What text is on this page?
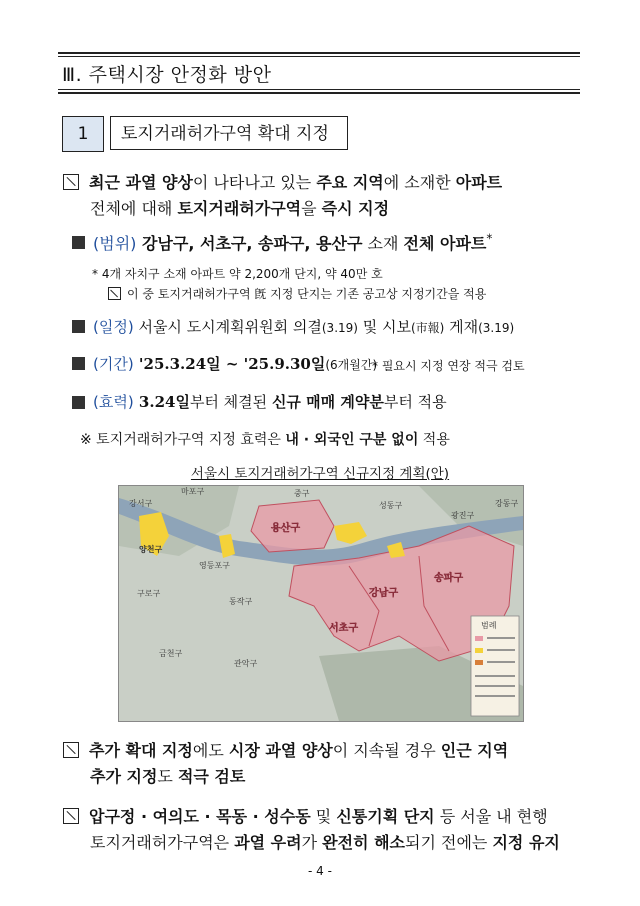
Ⅲ. 주택시장 안정화 방안
1	토지거래허가구역 확대 지정
최근 과열 양상이 나타나고 있는 주요 지역에 소재한 아파트
전체에 대해 토지거래허가구역을 즉시 지정
(범위) 강남구, 서초구, 송파구, 용산구 소재 전체 아파트*
* 4개 자치구 소재 아파트 약 2,200개 단지, 약 40만 호
이 중 토지거래허가구역 旣 지정 단지는 기존 공고상 지정기간을 적용
(일정) 서울시 도시계획위원회 의결(3.19) 및 시보(市報) 게재(3.19)
(기간) '25.3.24일 ~ '25.9.30일(6개월간)
* 필요시 지정 연장 적극 검토
(효력) 3.24일부터 체결된 신규 매매 계약분부터 적용
※ 토지거래허가구역 지정 효력은 내 · 외국인 구분 없이 적용
서울시 토지거래허가구역 신규지정 계획(안)
강서구
마포구
양천구
영등포구
구로구
금천구
동작구
관악구
중구
성동구
광진구
강동구
범례
용산구
강남구
서초구
송파구
추가 확대 지정에도 시장 과열 양상이 지속될 경우 인근 지역
추가 지정도 적극 검토
압구정 · 여의도 · 목동 · 성수동 및 신통기획 단지 등 서울 내 현행
토지거래허가구역은 과열 우려가 완전히 해소되기 전에는 지정 유지
- 4 -
